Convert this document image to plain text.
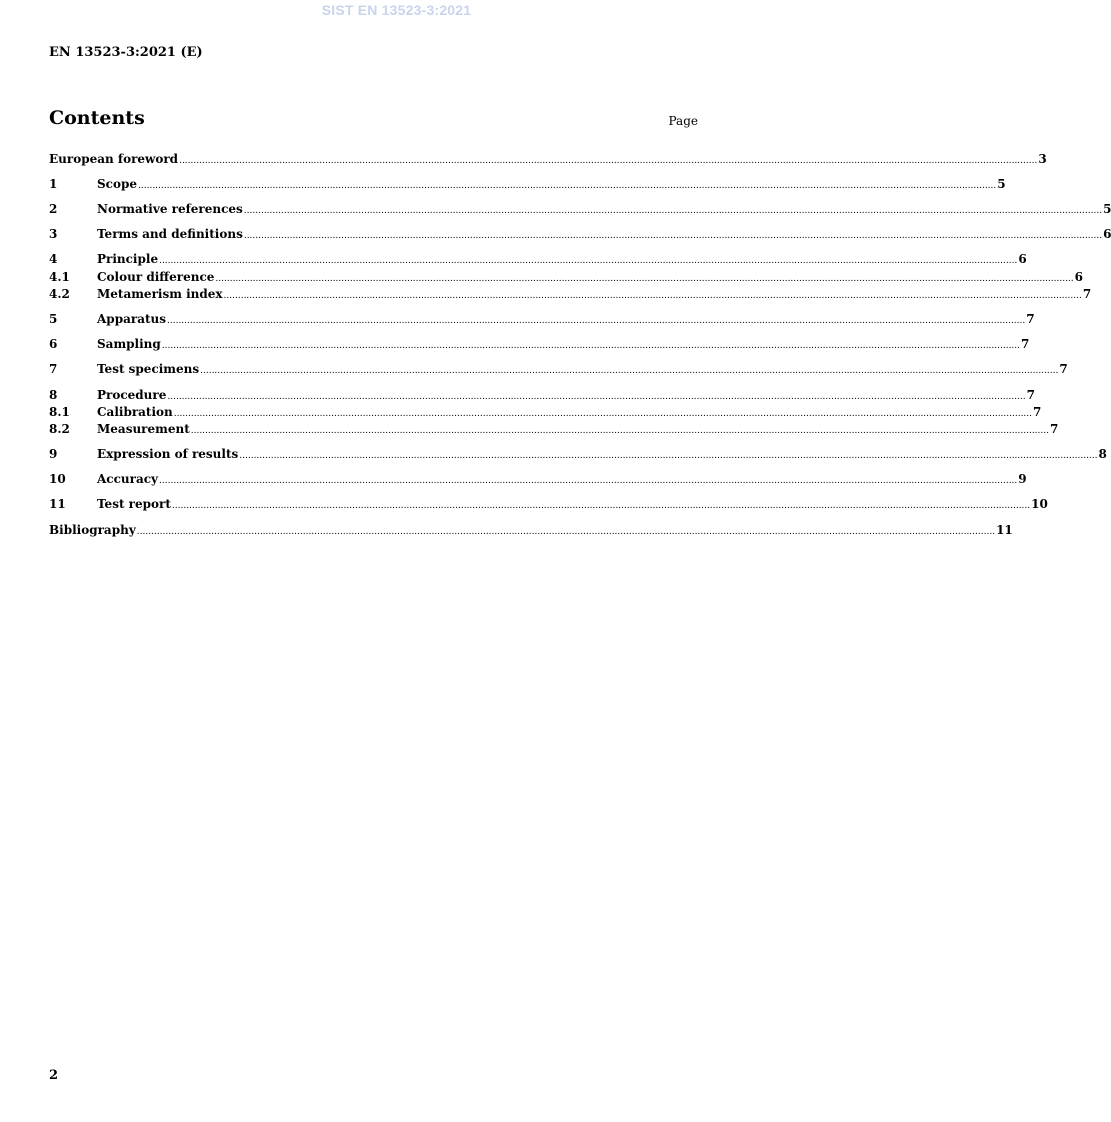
SIST EN 13523-3:2021
EN 13523-3:2021 (E)
Contents	Page
European foreword ............................................................................................................................................................................................................................................................................................................ 3
1	Scope ............................................................................................................................................................................................................................................................................................................ 5
2	Normative references ............................................................................................................................................................................................................................................................................................................ 5
3	Terms and definitions ............................................................................................................................................................................................................................................................................................................ 6
4	Principle ............................................................................................................................................................................................................................................................................................................ 6
4.1	Colour difference ............................................................................................................................................................................................................................................................................................................ 6
4.2	Metamerism index ............................................................................................................................................................................................................................................................................................................ 7
5	Apparatus ............................................................................................................................................................................................................................................................................................................ 7
6	Sampling ............................................................................................................................................................................................................................................................................................................ 7
7	Test specimens ............................................................................................................................................................................................................................................................................................................ 7
8	Procedure ............................................................................................................................................................................................................................................................................................................ 7
8.1	Calibration ............................................................................................................................................................................................................................................................................................................ 7
8.2	Measurement ............................................................................................................................................................................................................................................................................................................ 7
9	Expression of results ............................................................................................................................................................................................................................................................................................................ 8
10	Accuracy ............................................................................................................................................................................................................................................................................................................ 9
11	Test report ............................................................................................................................................................................................................................................................................................................ 10
Bibliography ............................................................................................................................................................................................................................................................................................................ 11
2
